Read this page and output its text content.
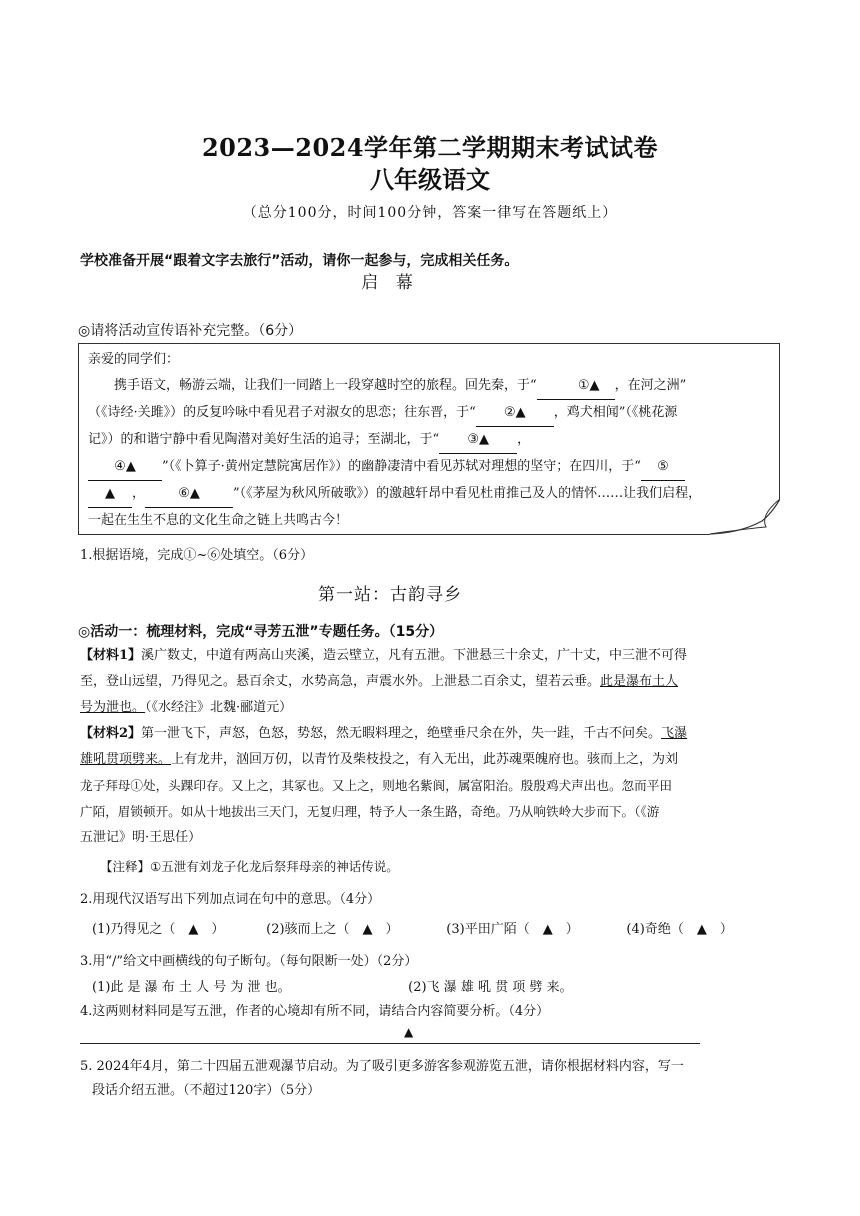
2023—2024学年第二学期期末考试试卷
八年级语文
（总分100分，时间100分钟，答案一律写在答题纸上）
学校准备开展“跟着文字去旅行”活动，请你一起参与，完成相关任务。
启 幕
◎请将活动宣传语补充完整。（6分）
亲爱的同学们：
携手语文，畅游云端，让我们一同踏上一段穿越时空的旅程。回先秦，于“	①▲ ，在河之洲”
（《诗经·关雎》）的反复吟咏中看见君子对淑女的思恋；往东晋，于“ ②▲ ，鸡犬相闻”（《桃花源
记》）的和谐宁静中看见陶潜对美好生活的追寻；至湖北，于“ ③▲ ，
④▲ ”（《卜算子·黄州定慧院寓居作》）的幽静凄清中看见苏轼对理想的坚守；在四川，于“ ⑤
▲ ，	⑥▲	”（《茅屋为秋风所破歌》）的激越轩昂中看见杜甫推己及人的情怀……让我们启程，
一起在生生不息的文化生命之链上共鸣古今！
1.根据语境，完成①~⑥处填空。（6分）
第一站：古韵寻乡
◎活动一：梳理材料，完成“寻芳五泄”专题任务。（15分）
【材料1】溪广数丈，中道有两高山夹溪，造云壁立，凡有五泄。下泄悬三十余丈，广十丈，中三泄不可得
至，登山远望，乃得见之。悬百余丈，水势高急，声震水外。上泄悬二百余丈，望若云垂。此是瀑布土人
号为泄也。（《水经注》北魏·郦道元）
【材料2】第一泄飞下，声怒，色怒，势怒，然无暇料理之，绝壁垂尺余在外，失一跬，千古不问矣。飞瀑
雄吼贯项劈来。上有龙井，汹回万仞，以青竹及柴枝投之，有入无出，此苏魂栗魄府也。骇而上之，为刘
龙子拜母①处，头踝印存。又上之，其冢也。又上之，则地名紫阆，属富阳治。殷殷鸡犬声出也。忽而平田
广陌，眉锁顿开。如从十地拔出三天门，无复归理，特予人一条生路，奇绝。乃从响铁岭大步而下。（《游
五泄记》明·王思任）
【注释】①五泄有刘龙子化龙后祭拜母亲的神话传说。
2.用现代汉语写出下列加点词在句中的意思。（4分）
(1)乃得见之（　▲　）	(2)骇而上之（　▲　）	(3)平田广陌（　▲　）	(4)奇绝（　▲　）
3.用“/”给文中画横线的句子断句。（每句限断一处）（2分）
(1)此 是 瀑 布 土 人 号 为 泄 也。	(2)飞 瀑 雄 吼 贯 项 劈 来。
4.这两则材料同是写五泄，作者的心境却有所不同，请结合内容简要分析。（4分）
▲
5. 2024年4月，第二十四届五泄观瀑节启动。为了吸引更多游客参观游览五泄，请你根据材料内容，写一
段话介绍五泄。（不超过120字）（5分）
